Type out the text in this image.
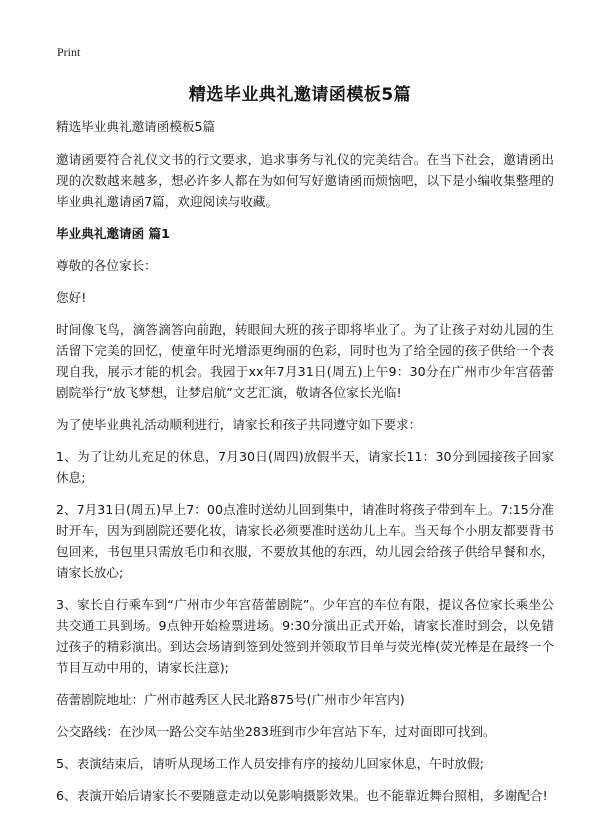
Print
精选毕业典礼邀请函模板5篇

精选毕业典礼邀请函模板5篇

邀请函要符合礼仪文书的行文要求，追求事务与礼仪的完美结合。在当下社会，邀请函出现的次数越来越多，想必许多人都在为如何写好邀请函而烦恼吧，以下是小编收集整理的毕业典礼邀请函7篇，欢迎阅读与收藏。

毕业典礼邀请函 篇1

尊敬的各位家长：

您好!

时间像飞鸟，滴答滴答向前跑，转眼间大班的孩子即将毕业了。为了让孩子对幼儿园的生活留下完美的回忆，使童年时光增添更绚丽的色彩，同时也为了给全园的孩子供给一个表现自我，展示才能的机会。我园于xx年7月31日(周五)上午9：30分在广州市少年宫蓓蕾剧院举行“放飞梦想，让梦启航”文艺汇演，敬请各位家长光临!

为了使毕业典礼活动顺利进行，请家长和孩子共同遵守如下要求：

1、为了让幼儿充足的休息，7月30日(周四)放假半天，请家长11：30分到园接孩子回家休息;

2、7月31日(周五)早上7：00点准时送幼儿回到集中，请准时将孩子带到车上。7:15分准时开车，因为到剧院还要化妆，请家长必须要准时送幼儿上车。当天每个小朋友都要背书包回来，书包里只需放毛巾和衣服，不要放其他的东西，幼儿园会给孩子供给早餐和水，请家长放心;

3、家长自行乘车到“广州市少年宫蓓蕾剧院”。少年宫的车位有限，提议各位家长乘坐公共交通工具到场。9点钟开始检票进场。9:30分演出正式开始，请家长准时到会，以免错过孩子的精彩演出。到达会场请到签到处签到并领取节目单与荧光棒(荧光棒是在最终一个节目互动中用的，请家长注意);

蓓蕾剧院地址：广州市越秀区人民北路875号(广州市少年宫内)

公交路线：在沙凤一路公交车站坐283班到市少年宫站下车，过对面即可找到。

5、表演结束后，请听从现场工作人员安排有序的接幼儿回家休息，午时放假;

6、表演开始后请家长不要随意走动以免影响摄影效果。也不能靠近舞台照相，多谢配合!
